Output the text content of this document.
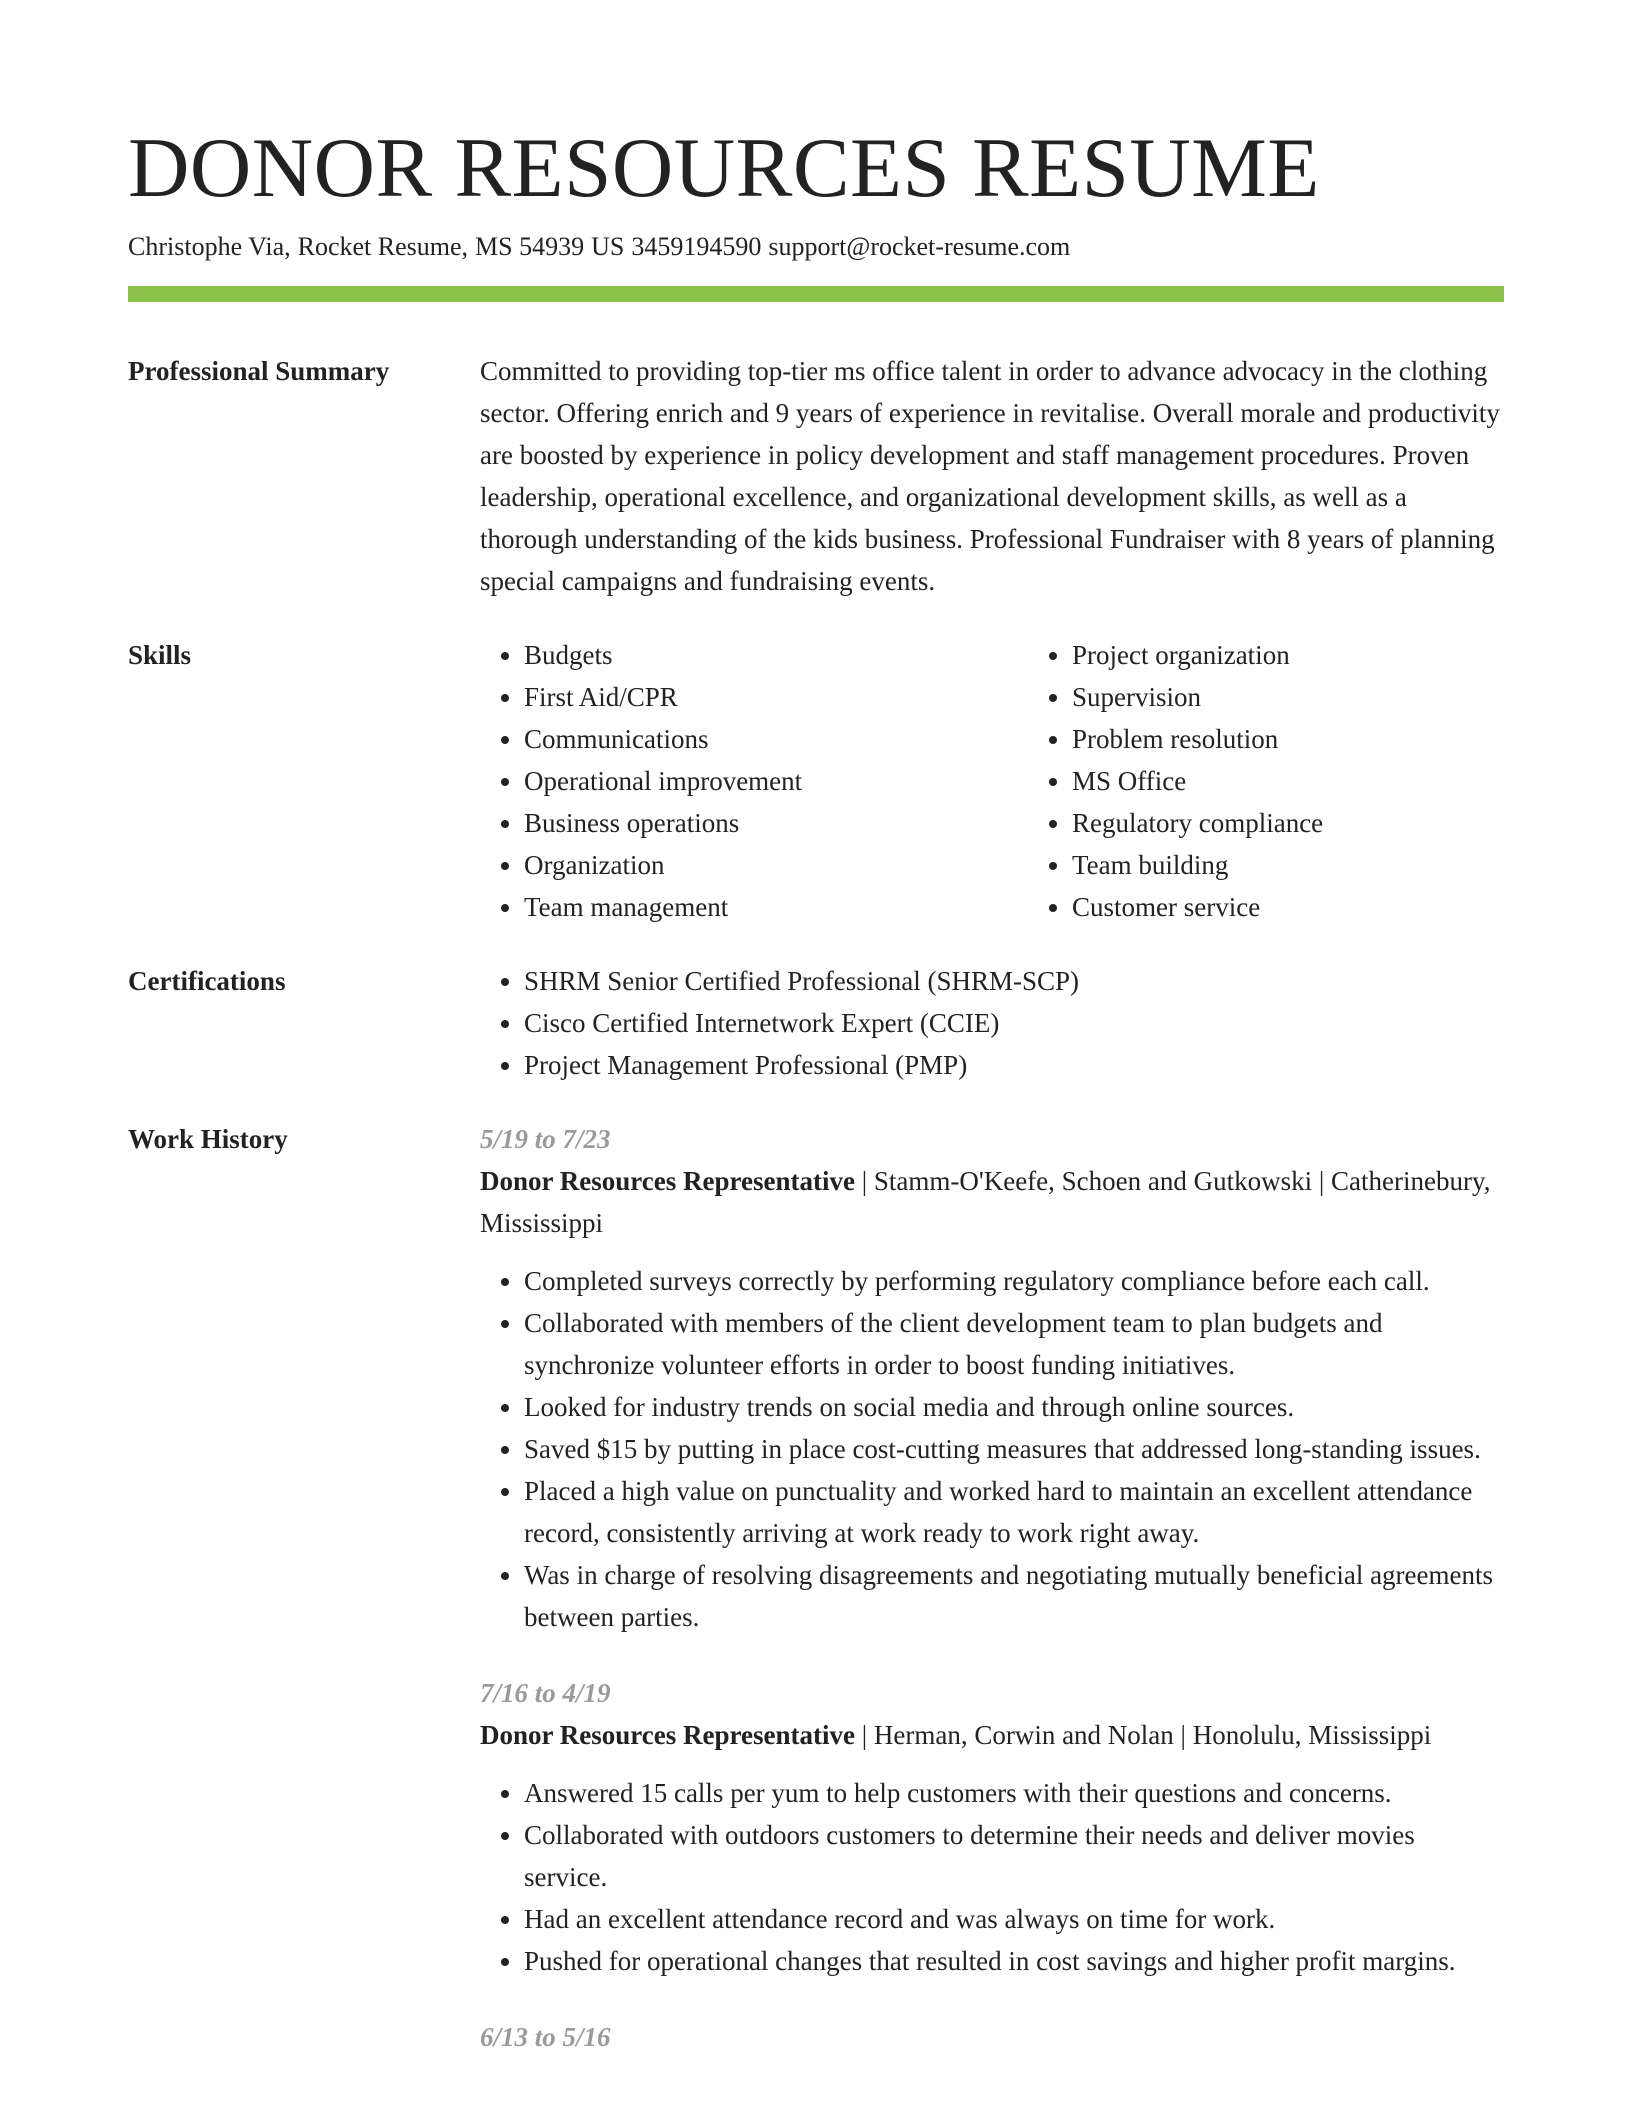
DONOR RESOURCES RESUME
Christophe Via, Rocket Resume, MS 54939 US 3459194590 support@rocket-resume.com
Professional Summary	Committed to providing top-tier ms office talent in order to advance advocacy in the clothing sector. Offering enrich and 9 years of experience in revitalise. Overall morale and productivity are boosted by experience in policy development and staff management procedures. Proven leadership, operational excellence, and organizational development skills, as well as a thorough understanding of the kids business. Professional Fundraiser with 8 years of planning special campaigns and fundraising events.

Skills	• Budgets
• First Aid/CPR
• Communications
• Operational improvement
• Business operations
• Organization
• Team management
• Project organization
• Supervision
• Problem resolution
• MS Office
• Regulatory compliance
• Team building
• Customer service
Certifications	• SHRM Senior Certified Professional (SHRM-SCP)
• Cisco Certified Internetwork Expert (CCIE)
• Project Management Professional (PMP)
Work History	5/19 to 7/23
Donor Resources Representative | Stamm-O'Keefe, Schoen and Gutkowski | Catherinebury, Mississippi
• Completed surveys correctly by performing regulatory compliance before each call.
• Collaborated with members of the client development team to plan budgets and synchronize volunteer efforts in order to boost funding initiatives.
• Looked for industry trends on social media and through online sources.
• Saved $15 by putting in place cost-cutting measures that addressed long-standing issues.
• Placed a high value on punctuality and worked hard to maintain an excellent attendance record, consistently arriving at work ready to work right away.
• Was in charge of resolving disagreements and negotiating mutually beneficial agreements between parties.
7/16 to 4/19
Donor Resources Representative | Herman, Corwin and Nolan | Honolulu, Mississippi
• Answered 15 calls per yum to help customers with their questions and concerns.
• Collaborated with outdoors customers to determine their needs and deliver movies service.
• Had an excellent attendance record and was always on time for work.
• Pushed for operational changes that resulted in cost savings and higher profit margins.
6/13 to 5/16
